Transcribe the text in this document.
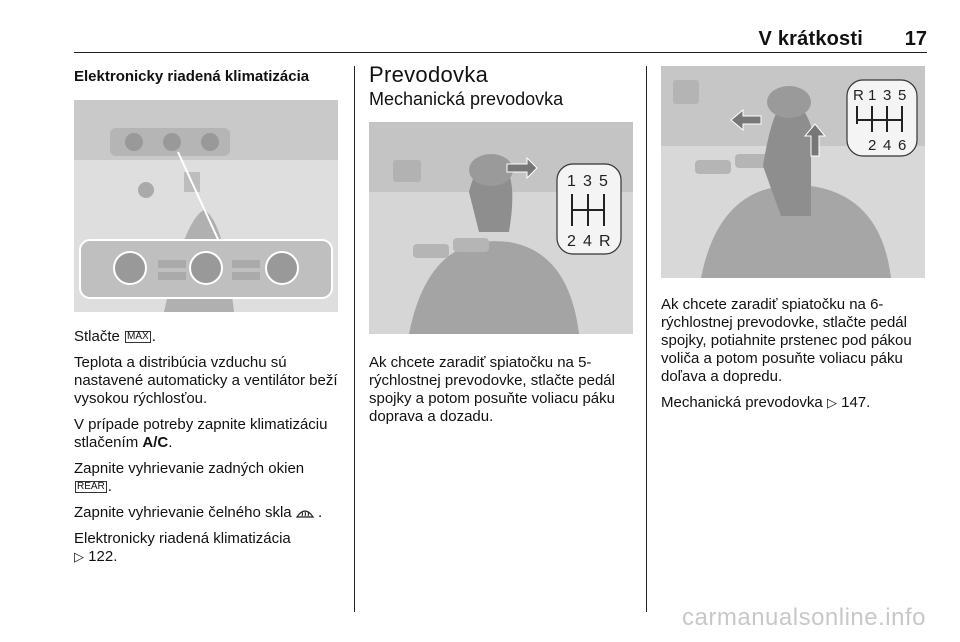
V krátkosti 17
Elektronicky riadená klimatizácia

Stlačte MAX .

Teplota a distribúcia vzduchu sú nastavené automaticky a ventilátor beží vysokou rýchlosťou.

V prípade potreby zapnite klimatizáciu stlačením A/C.

Zapnite vyhrievanie zadných okien
REAR .

Zapnite vyhrievanie čelného skla .

Elektronicky riadená klimatizácia
▷ 122.

Prevodovka
Mechanická prevodovka
1 3 5
2 4 R

Ak chcete zaradiť spiatočku na 5-rýchlostnej prevodovke, stlačte pedál spojky a potom posuňte voliacu páku doprava a dozadu.

R 1 3 5
2 4 6

Ak chcete zaradiť spiatočku na 6-rýchlostnej prevodovke, stlačte pedál spojky, potiahnite prstenec pod pákou voliča a potom posuňte voliacu páku doľava a dopredu.

Mechanická prevodovka ▷ 147.

carmanualsonline.info
